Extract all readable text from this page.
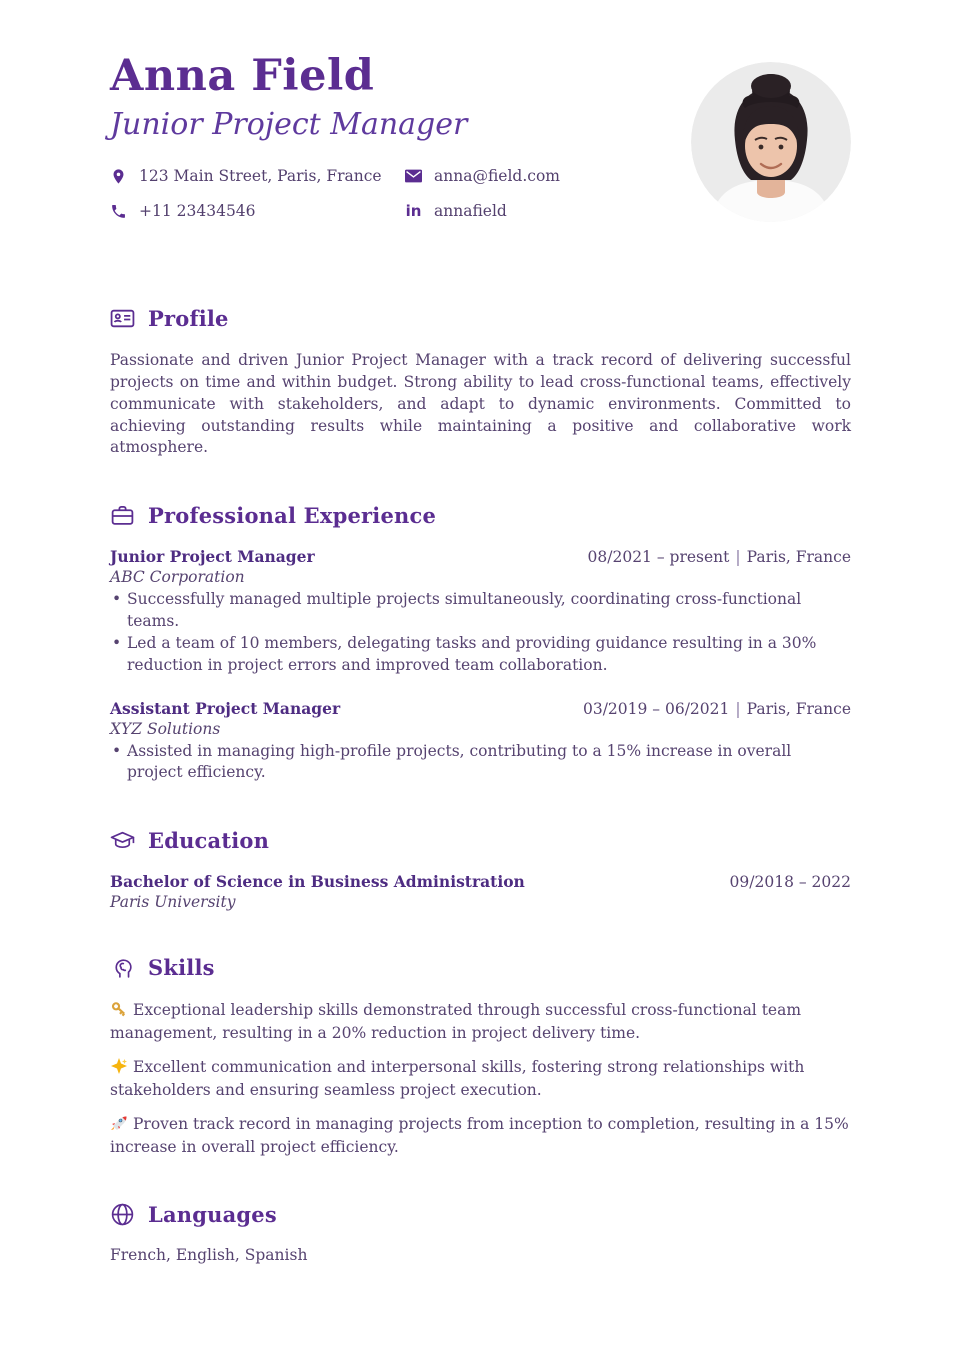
Anna Field
Junior Project Manager
123 Main Street, Paris, France	anna@field.com
+11 23434546	in annafield
Profile

Passionate and driven Junior Project Manager with a track record of delivering successful projects on time and within budget. Strong ability to lead cross-functional teams, effectively communicate with stakeholders, and adapt to dynamic environments. Committed to achieving outstanding results while maintaining a positive and collaborative work atmosphere.

Professional Experience
Junior Project Manager	08/2021 – present | Paris, France
ABC Corporation
• Successfully managed multiple projects simultaneously, coordinating cross-functional teams.
• Led a team of 10 members, delegating tasks and providing guidance resulting in a 30% reduction in project errors and improved team collaboration.
Assistant Project Manager	03/2019 – 06/2021 | Paris, France
XYZ Solutions
• Assisted in managing high-profile projects, contributing to a 15% increase in overall project efficiency.
Education
Bachelor of Science in Business Administration	09/2018 – 2022
Paris University
Skills

Exceptional leadership skills demonstrated through successful cross-functional team management, resulting in a 20% reduction in project delivery time.

Excellent communication and interpersonal skills, fostering strong relationships with stakeholders and ensuring seamless project execution.

Proven track record in managing projects from inception to completion, resulting in a 15% increase in overall project efficiency.

Languages

French, English, Spanish
